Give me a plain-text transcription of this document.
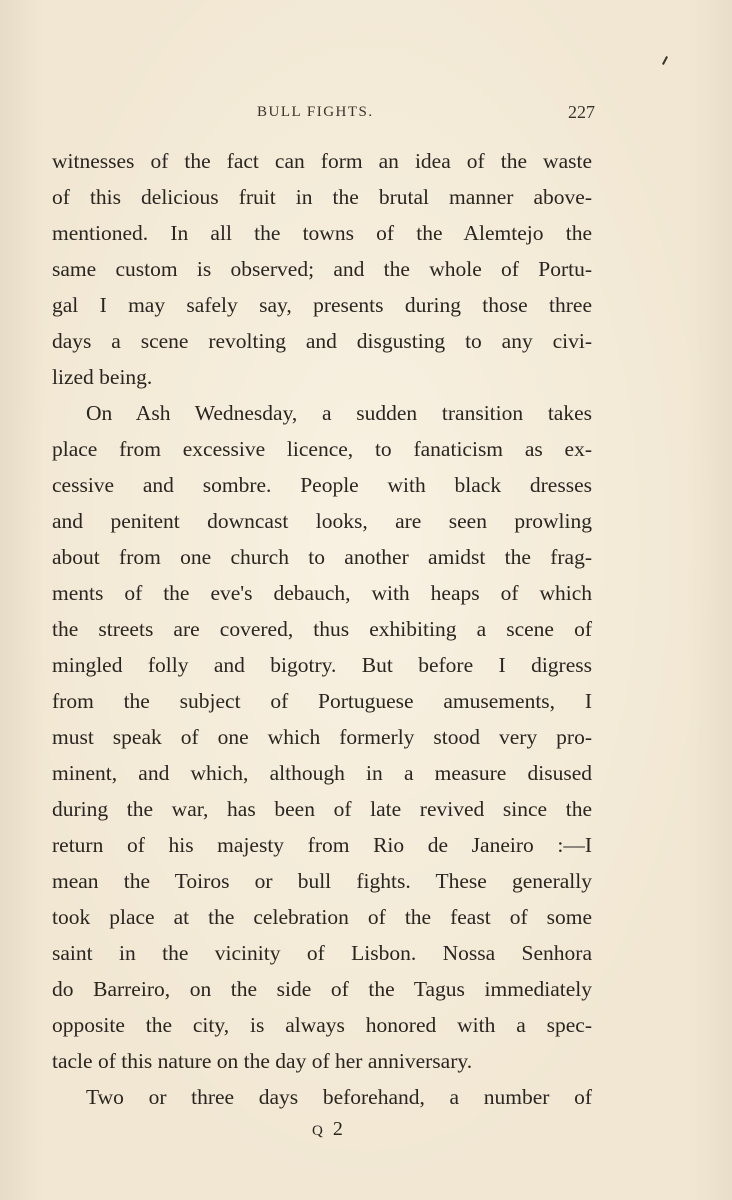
BULL FIGHTS.	227
witnesses of the fact can form an idea of the waste
of this delicious fruit in the brutal manner above-
mentioned. In all the towns of the Alemtejo the
same custom is observed; and the whole of Portu-
gal I may safely say, presents during those three
days a scene revolting and disgusting to any civi-
lized being.
On Ash Wednesday, a sudden transition takes
place from excessive licence, to fanaticism as ex-
cessive and sombre. People with black dresses
and penitent downcast looks, are seen prowling
about from one church to another amidst the frag-
ments of the eve's debauch, with heaps of which
the streets are covered, thus exhibiting a scene of
mingled folly and bigotry. But before I digress
from the subject of Portuguese amusements, I
must speak of one which formerly stood very pro-
minent, and which, although in a measure disused
during the war, has been of late revived since the
return of his majesty from Rio de Janeiro :—I
mean the Toiros or bull fights. These generally
took place at the celebration of the feast of some
saint in the vicinity of Lisbon. Nossa Senhora
do Barreiro, on the side of the Tagus immediately
opposite the city, is always honored with a spec-
tacle of this nature on the day of her anniversary.
Two or three days beforehand, a number of
Q2
